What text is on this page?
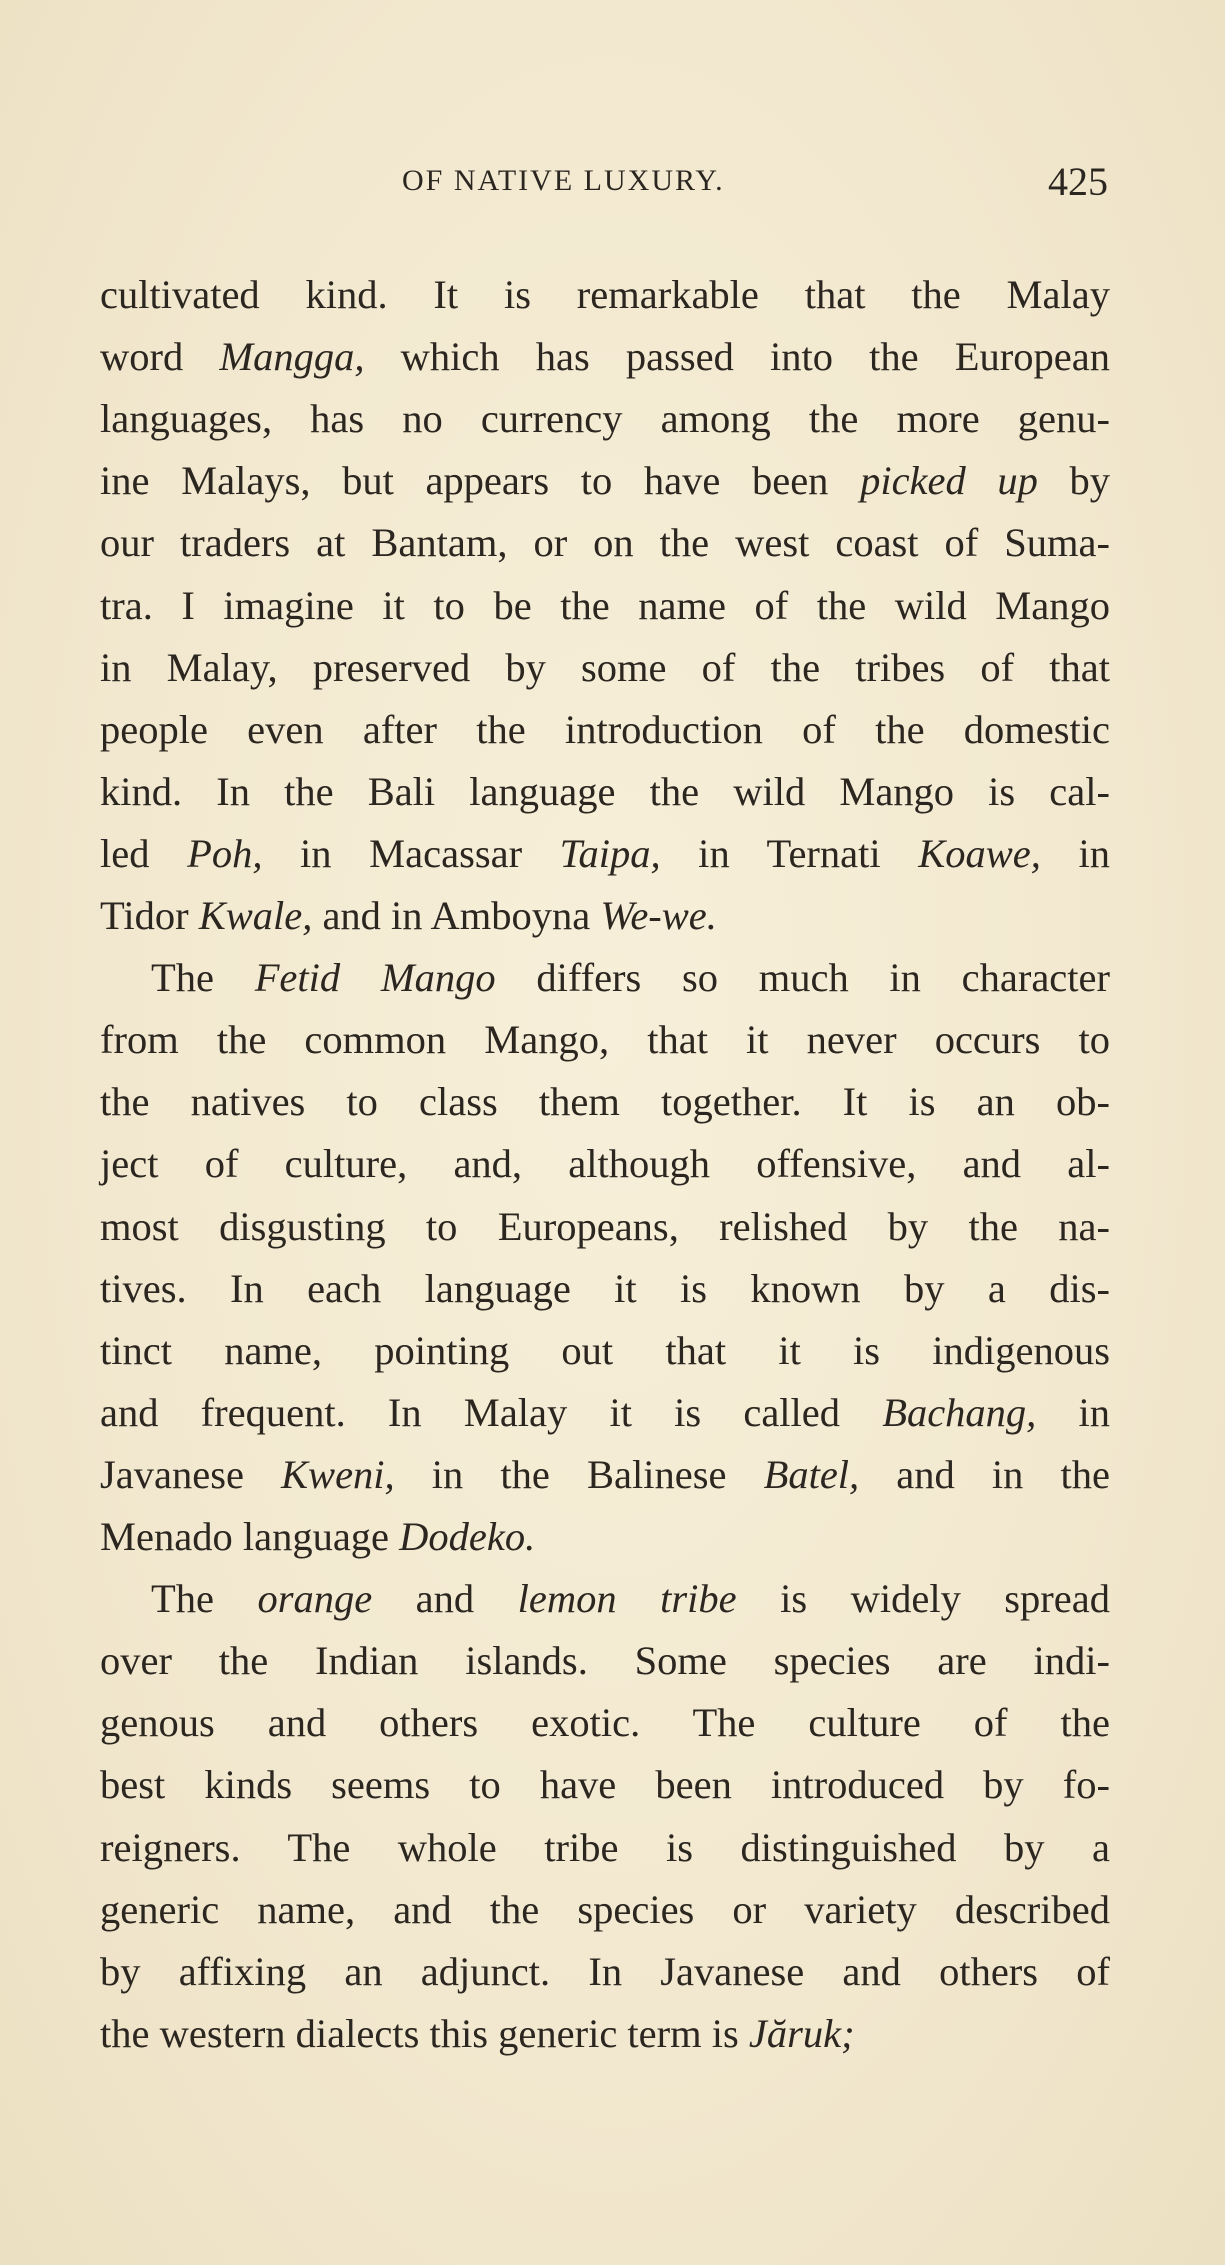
OF NATIVE LUXURY.	425
cultivated kind. It is remarkable that the Malay
word Mangga, which has passed into the European
languages, has no currency among the more genu-
ine Malays, but appears to have been picked up by
our traders at Bantam, or on the west coast of Suma-
tra. I imagine it to be the name of the wild Mango
in Malay, preserved by some of the tribes of that
people even after the introduction of the domestic
kind. In the Bali language the wild Mango is cal-
led Poh, in Macassar Taipa, in Ternati Koawe, in
Tidor Kwale, and in Amboyna We-we.
The Fetid Mango differs so much in character
from the common Mango, that it never occurs to
the natives to class them together. It is an ob-
ject of culture, and, although offensive, and al-
most disgusting to Europeans, relished by the na-
tives. In each language it is known by a dis-
tinct name, pointing out that it is indigenous
and frequent. In Malay it is called Bachang, in
Javanese Kweni, in the Balinese Batel, and in the
Menado language Dodeko.
The orange and lemon tribe is widely spread
over the Indian islands. Some species are indi-
genous and others exotic. The culture of the
best kinds seems to have been introduced by fo-
reigners. The whole tribe is distinguished by a
generic name, and the species or variety described
by affixing an adjunct. In Javanese and others of
the western dialects this generic term is Jăruk;
